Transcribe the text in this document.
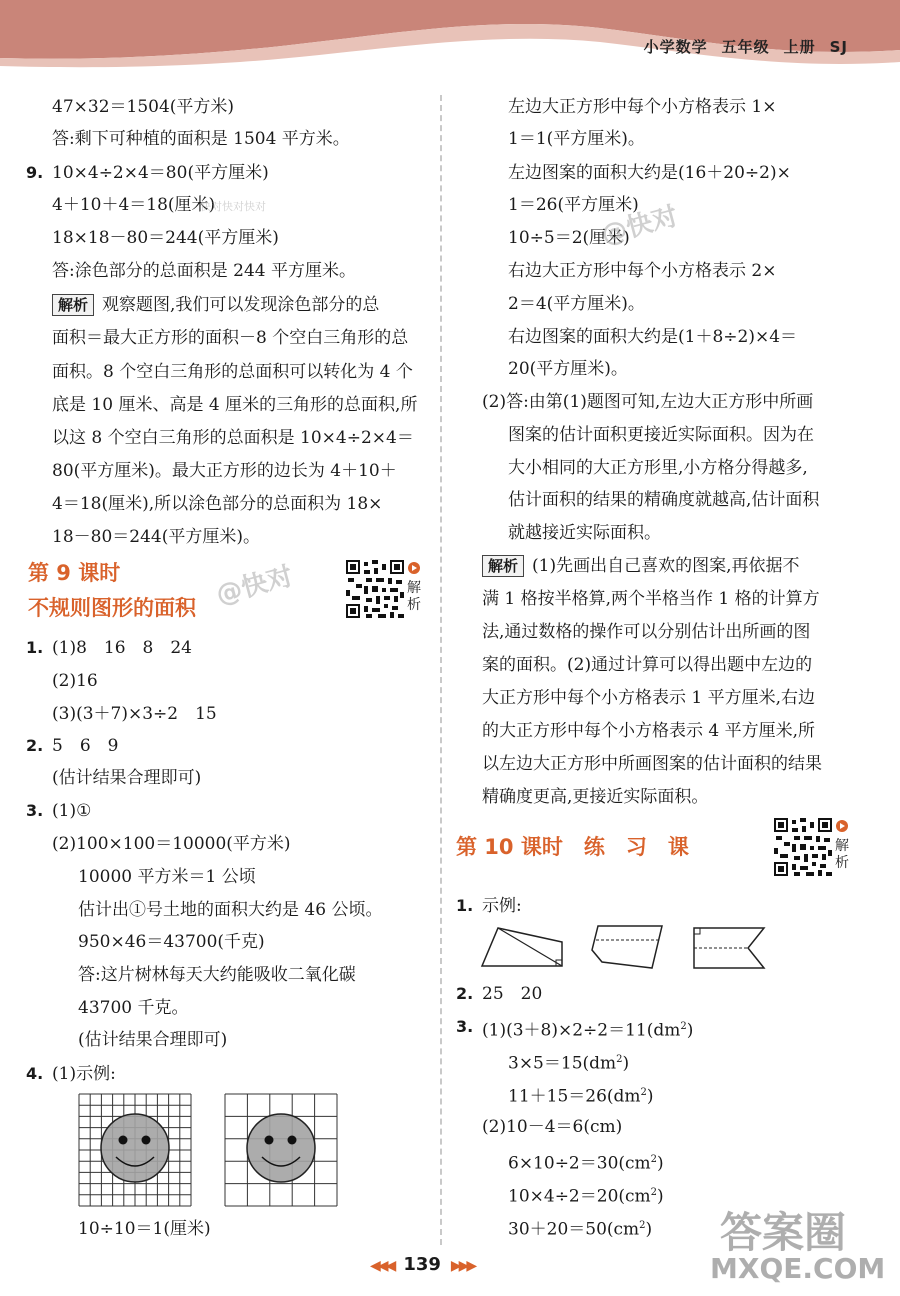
小学数学 五年级 上册 SJ
47×32＝1504(平方米)
答:剩下可种植的面积是 1504 平方米。
9. 10×4÷2×4＝80(平方厘米)
4＋10＋4＝18(厘米)
18×18－80＝244(平方厘米)
答:涂色部分的总面积是 244 平方厘米。
解析 观察题图,我们可以发现涂色部分的总
面积＝最大正方形的面积－8 个空白三角形的总
面积。8 个空白三角形的总面积可以转化为 4 个
底是 10 厘米、高是 4 厘米的三角形的总面积,所
以这 8 个空白三角形的总面积是 10×4÷2×4＝
80(平方厘米)。最大正方形的边长为 4＋10＋
4＝18(厘米),所以涂色部分的总面积为 18×
18－80＝244(平方厘米)。
第 9 课时
不规则图形的面积
解析
1. (1)8　16　8　24
(2)16
(3)(3＋7)×3÷2　15
2. 5　6　9
(估计结果合理即可)
3. (1)①
(2)100×100＝10000(平方米)
10000 平方米＝1 公顷
估计出①号土地的面积大约是 46 公顷。
950×46＝43700(千克)
答:这片树林每天大约能吸收二氧化碳
43700 千克。
(估计结果合理即可)
4. (1)示例:
10÷10＝1(厘米)
左边大正方形中每个小方格表示 1×
1＝1(平方厘米)。
左边图案的面积大约是(16＋20÷2)×
1＝26(平方厘米)
10÷5＝2(厘米)
右边大正方形中每个小方格表示 2×
2＝4(平方厘米)。
右边图案的面积大约是(1＋8÷2)×4＝
20(平方厘米)。
(2)答:由第(1)题图可知,左边大正方形中所画
图案的估计面积更接近实际面积。因为在
大小相同的大正方形里,小方格分得越多,
估计面积的结果的精确度就越高,估计面积
就越接近实际面积。
解析 (1)先画出自己喜欢的图案,再依据不
满 1 格按半格算,两个半格当作 1 格的计算方
法,通过数格的操作可以分别估计出所画的图
案的面积。(2)通过计算可以得出题中左边的
大正方形中每个小方格表示 1 平方厘米,右边
的大正方形中每个小方格表示 4 平方厘米,所
以左边大正方形中所画图案的估计面积的结果
精确度更高,更接近实际面积。
第 10 课时　练　习　课	解析
1. 示例:
2. 25　20
3. $(1)(3+8)\times 2\div 2=11(dm^2)$
$3\times 5=15(dm^2)$
$11+15=26(dm^2)$
(2)10－4＝6(cm)
$6\times 10\div 2=30(cm^2)$
$10\times 4\div 2=20(cm^2)$
$30+20=50(cm^2)$
快对快对快对	@快对
@快对
答案圈
MXQE.COM
◀◀◀ 139 ▶▶▶
